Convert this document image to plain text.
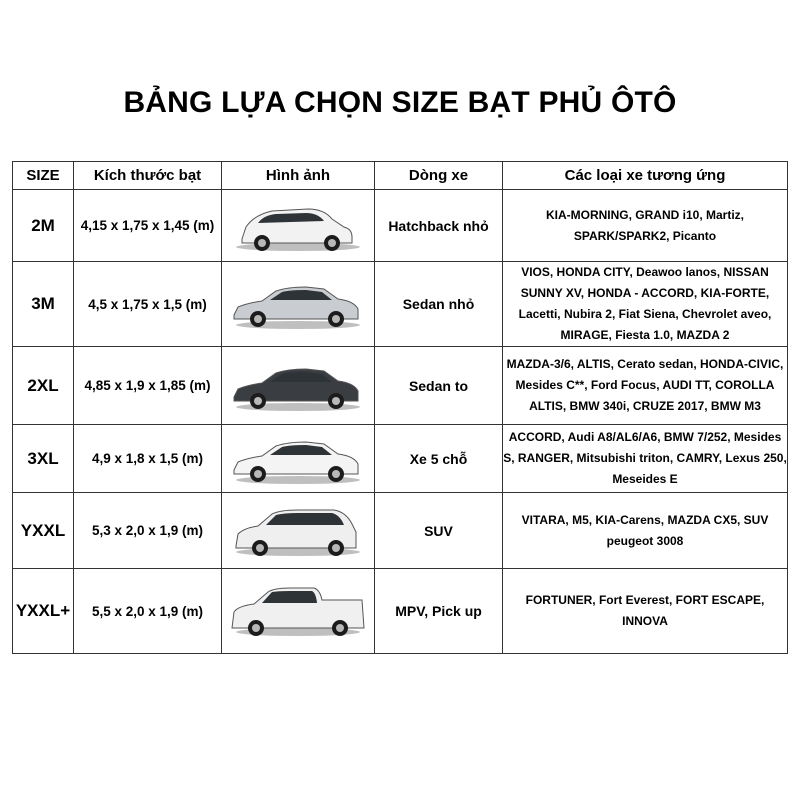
BẢNG LỰA CHỌN SIZE BẠT PHỦ ÔTÔ
SIZE	Kích thước bạt	Hình ảnh	Dòng xe	Các loại xe tương ứng
2M	4,15 x 1,75 x 1,45 (m)		Hatchback nhỏ	KIA-MORNING, GRAND i10, Martiz, SPARK/SPARK2, Picanto
3M	4,5 x 1,75 x 1,5 (m)		Sedan nhỏ	VIOS, HONDA CITY, Deawoo lanos, NISSAN SUNNY XV, HONDA - ACCORD, KIA-FORTE, Lacetti, Nubira 2, Fiat Siena, Chevrolet aveo, MIRAGE, Fiesta 1.0, MAZDA 2
2XL	4,85 x 1,9 x 1,85 (m)		Sedan to	MAZDA-3/6, ALTIS, Cerato sedan, HONDA-CIVIC, Mesides C**, Ford Focus, AUDI TT, COROLLA ALTIS, BMW 340i, CRUZE 2017, BMW M3
3XL	4,9 x 1,8 x 1,5 (m)		Xe 5 chỗ	ACCORD, Audi A8/AL6/A6, BMW 7/252, Mesides S, RANGER, Mitsubishi triton, CAMRY, Lexus 250, Meseides E
YXXL	5,3 x 2,0 x 1,9 (m)		SUV	VITARA, M5, KIA-Carens, MAZDA CX5, SUV peugeot 3008
YXXL+	5,5 x 2,0 x 1,9 (m)		MPV, Pick up	FORTUNER, Fort Everest, FORT ESCAPE, INNOVA
